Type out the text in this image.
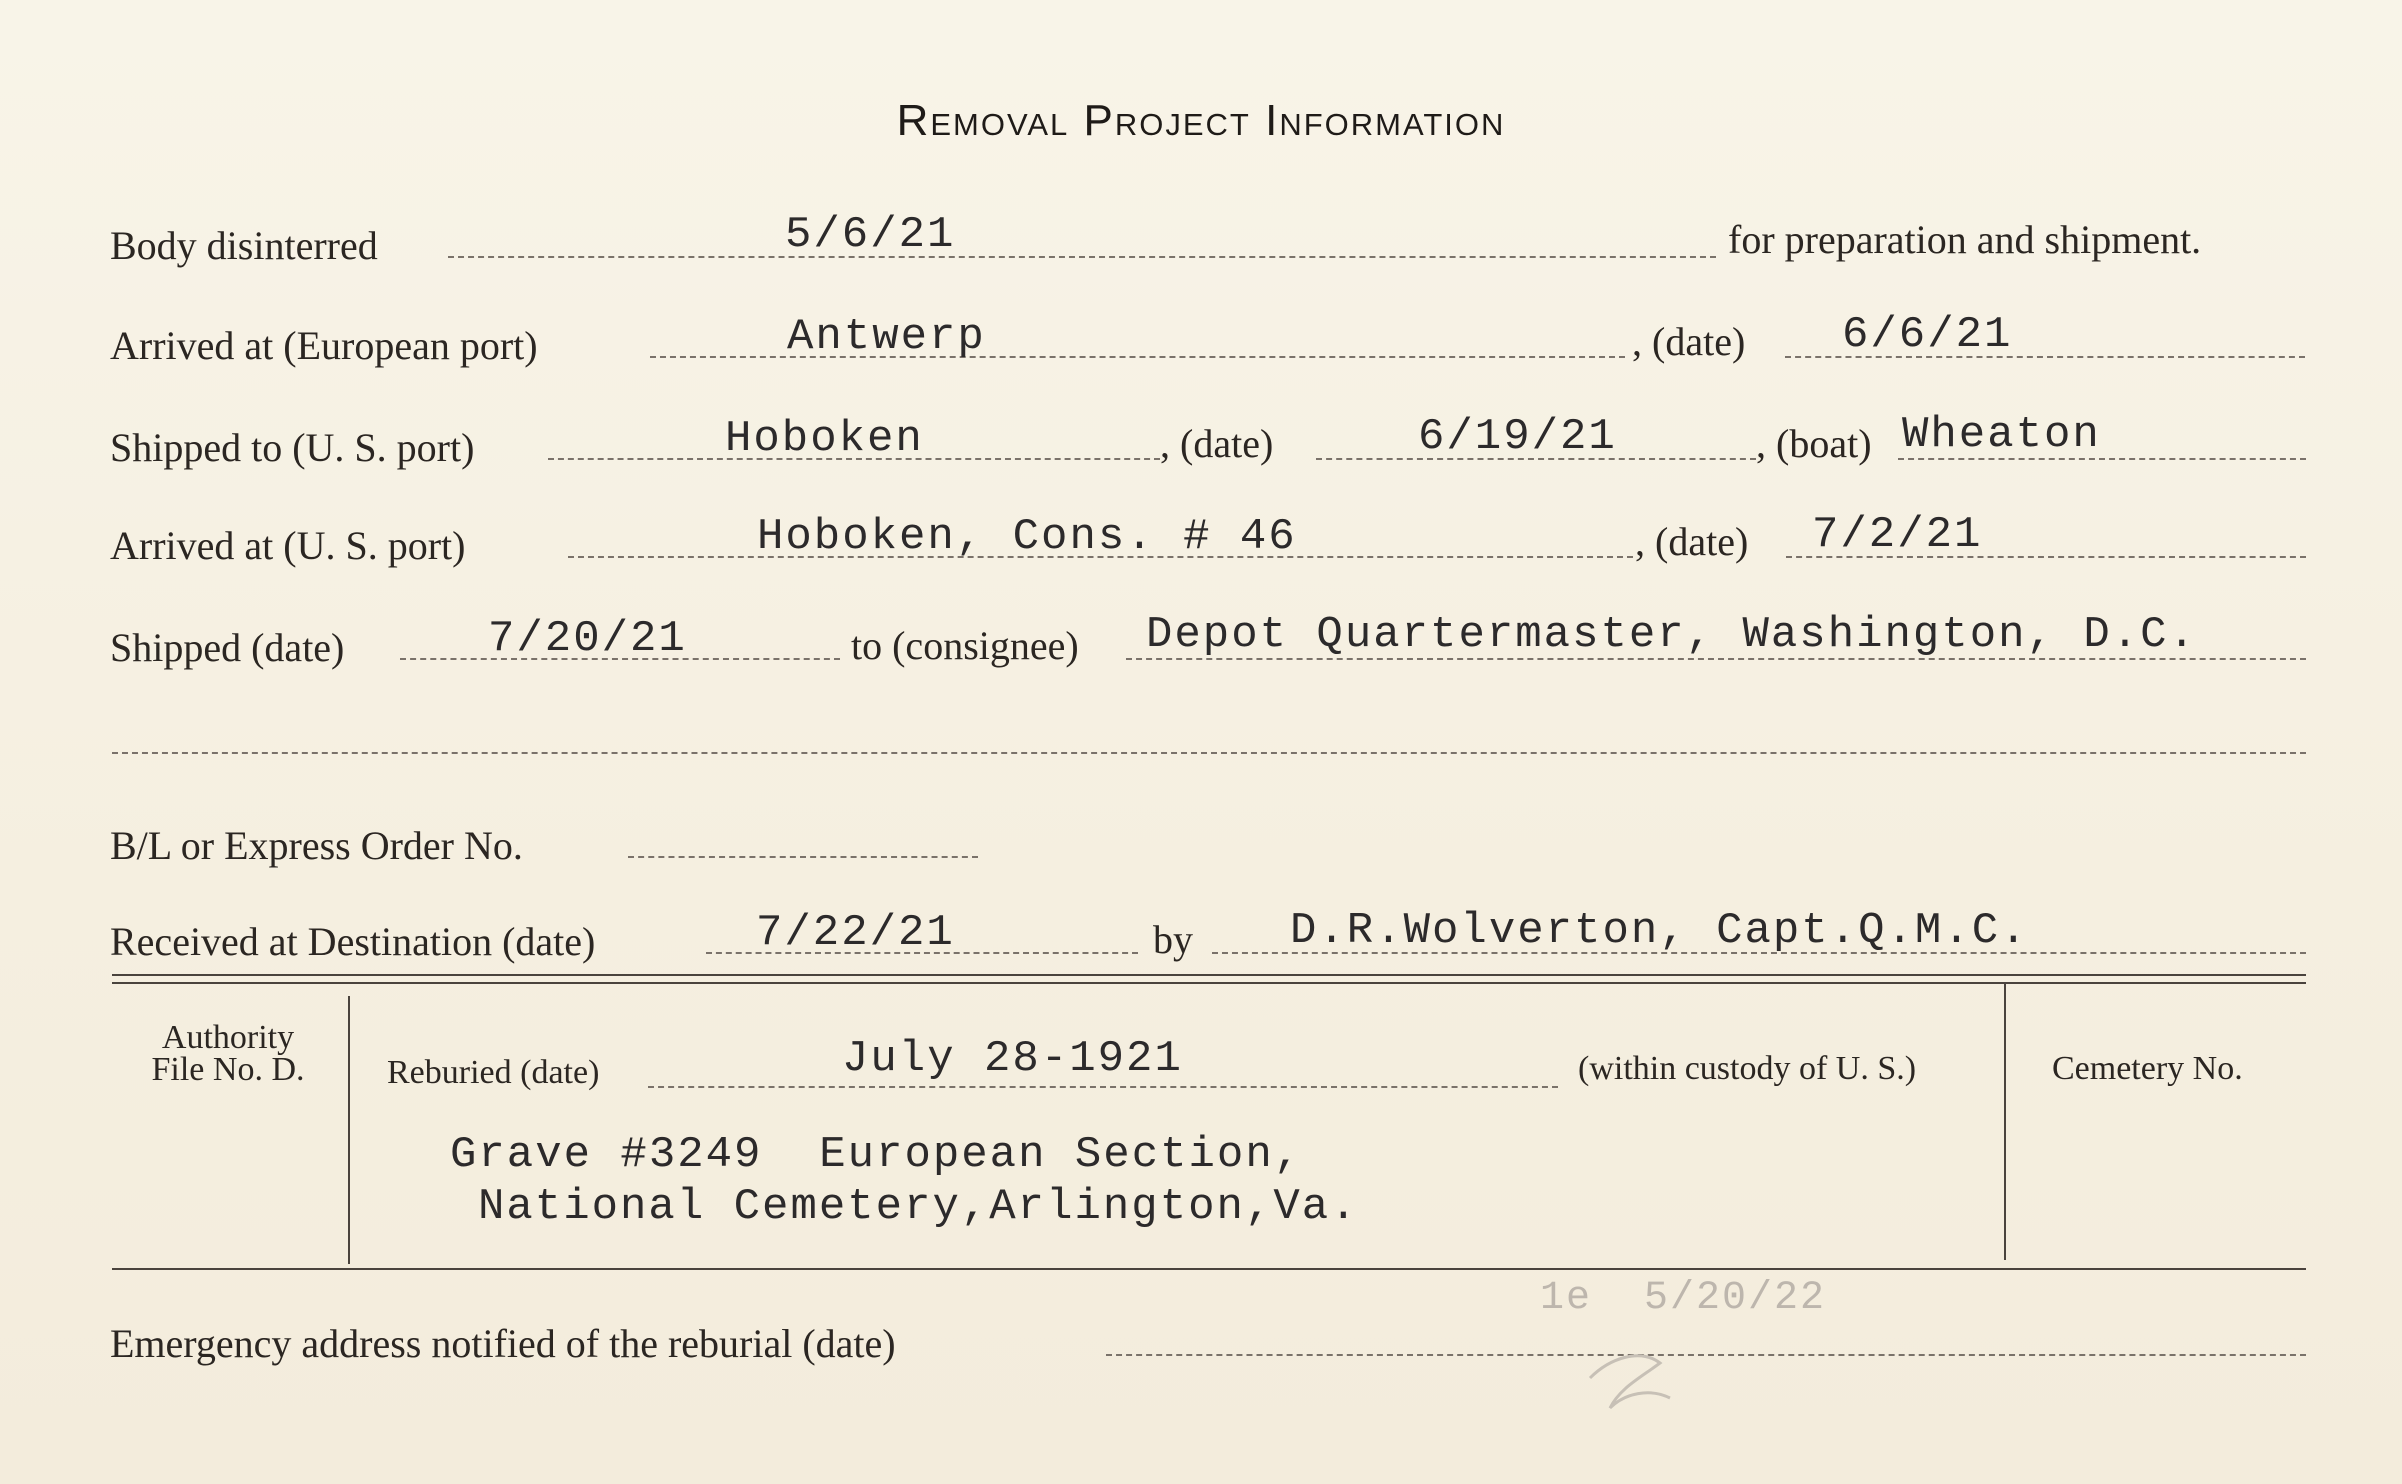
Removal Project Information
Body disinterred	5/6/21	for preparation and shipment.
Arrived at (European port)	Antwerp	, (date) 6/6/21
Shipped to (U. S. port)	Hoboken	, (date)	6/19/21	, (boat) Wheaton
Arrived at (U. S. port)	Hoboken, Cons. # 46	, (date) 7/2/21
Shipped (date)	7/20/21	to (consignee) Depot Quartermaster, Washington, D.C.
B/L or Express Order No.
Received at Destination (date)	7/22/21	by D.R.Wolverton, Capt.Q.M.C.
Authority
File No. D.	Reburied (date)	July 28-1921	(within custody of U. S.)	Cemetery No.
Grave #3249  European Section,
National Cemetery,Arlington,Va.
Emergency address notified of the reburial (date)
1e  5/20/22
